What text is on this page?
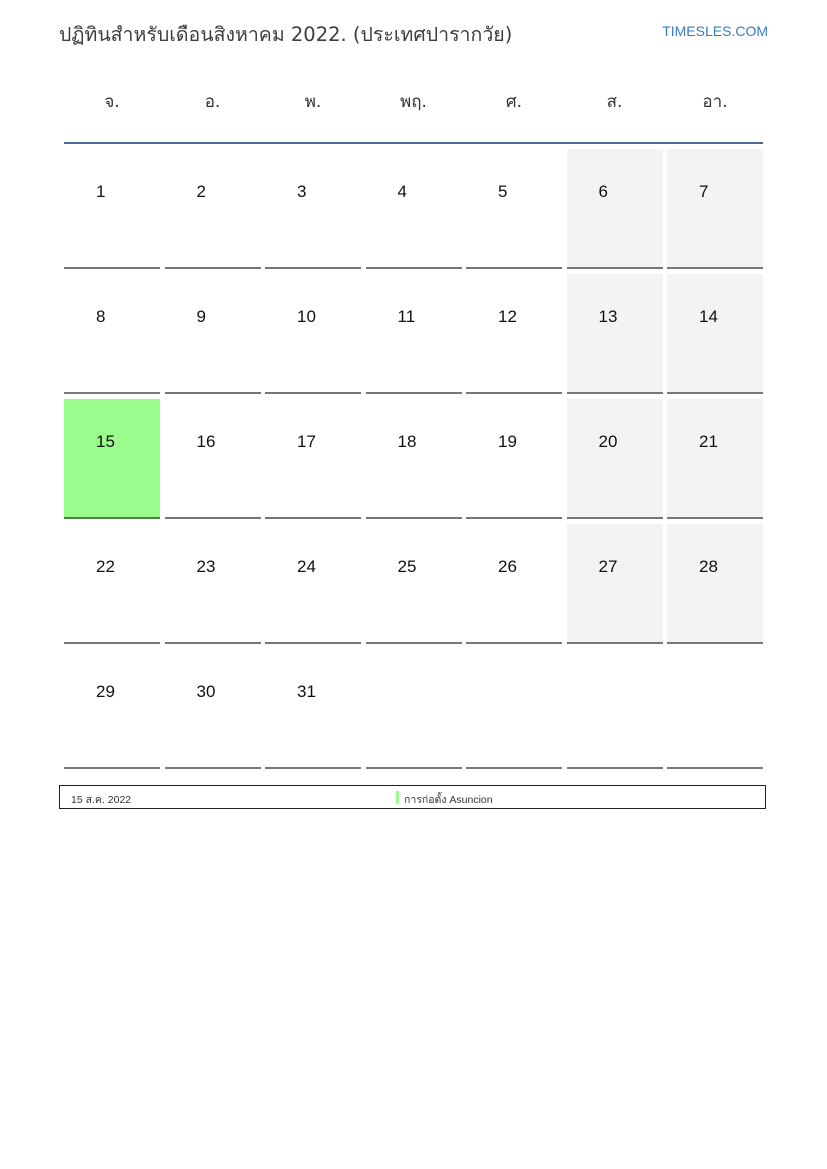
ปฏิทินสำหรับเดือนสิงหาคม 2022. (ประเทศปารากวัย)	TIMESLES.COM
จ.	อ.	พ.	พฤ.	ศ.	ส.	อา.
1	2	3	4	5	6	7
8	9	10	11	12	13	14
15	16	17	18	19	20	21
22	23	24	25	26	27	28
29	30	31
15 ส.ค. 2022	การก่อตั้ง Asuncion
